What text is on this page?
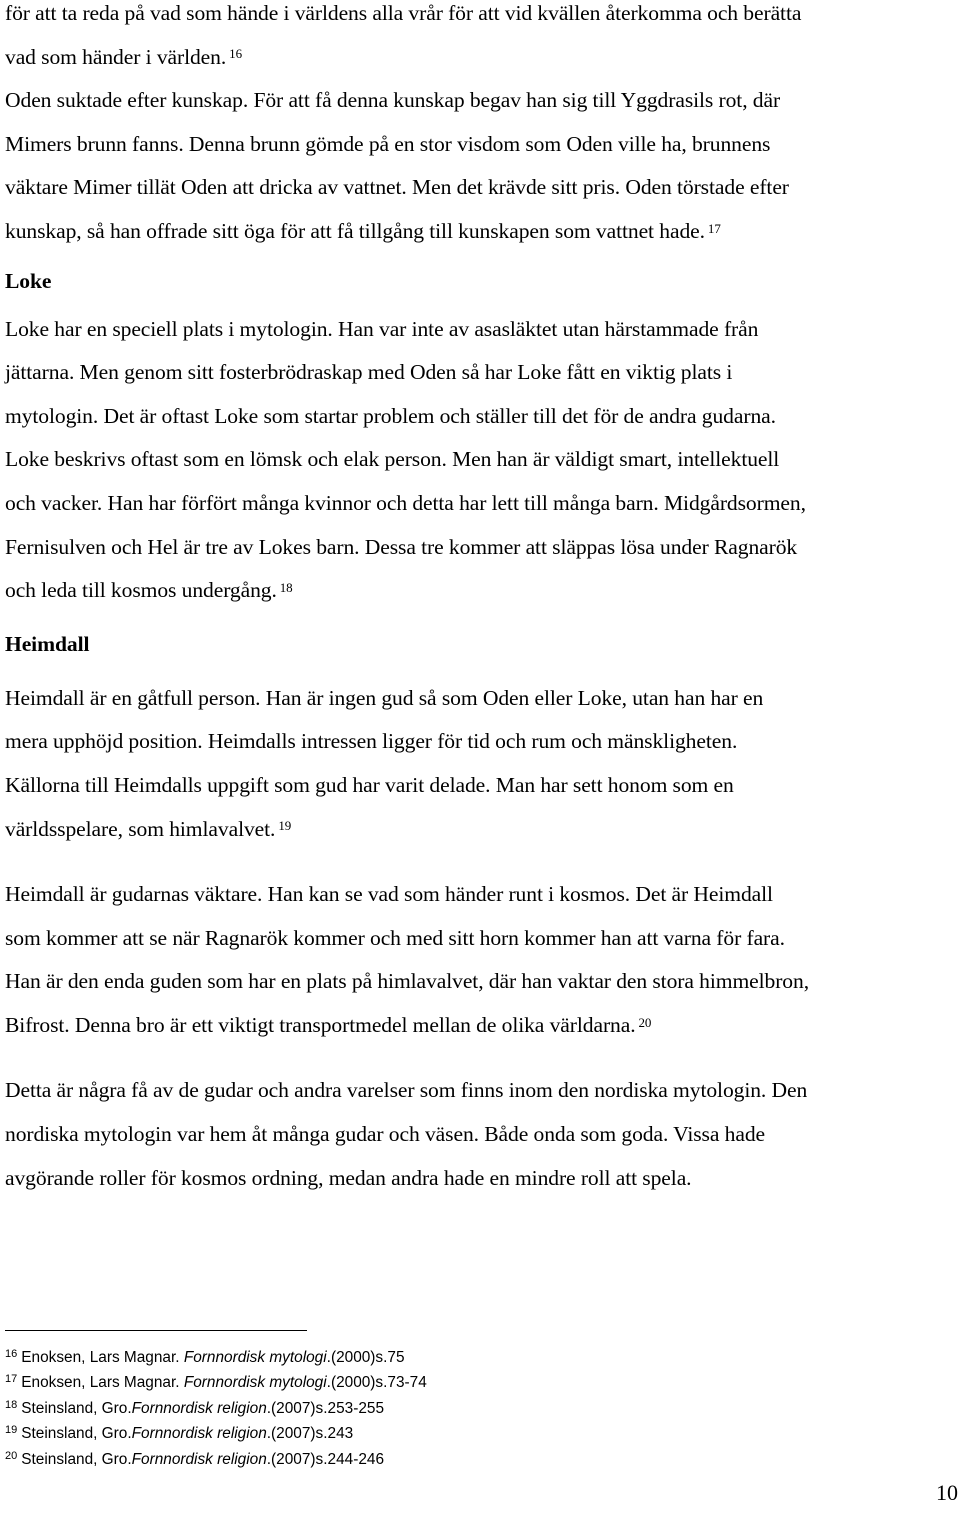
för att ta reda på vad som hände i världens alla vrår för att vid kvällen återkomma och berätta
vad som händer i världen. $^{16}$
Oden suktade efter kunskap. För att få denna kunskap begav han sig till Yggdrasils rot, där
Mimers brunn fanns. Denna brunn gömde på en stor visdom som Oden ville ha, brunnens
väktare Mimer tillät Oden att dricka av vattnet. Men det krävde sitt pris. Oden törstade efter
kunskap, så han offrade sitt öga för att få tillgång till kunskapen som vattnet hade. $^{17}$
Loke
Loke har en speciell plats i mytologin. Han var inte av asasläktet utan härstammade från
jättarna. Men genom sitt fosterbrödraskap med Oden så har Loke fått en viktig plats i
mytologin. Det är oftast Loke som startar problem och ställer till det för de andra gudarna.
Loke beskrivs oftast som en lömsk och elak person. Men han är väldigt smart, intellektuell
och vacker. Han har förfört många kvinnor och detta har lett till många barn. Midgårdsormen,
Fernisulven och Hel är tre av Lokes barn. Dessa tre kommer att släppas lösa under Ragnarök
och leda till kosmos undergång. $^{18}$
Heimdall
Heimdall är en gåtfull person. Han är ingen gud så som Oden eller Loke, utan han har en
mera upphöjd position. Heimdalls intressen ligger för tid och rum och mänskligheten.
Källorna till Heimdalls uppgift som gud har varit delade. Man har sett honom som en
världsspelare, som himlavalvet. $^{19}$
Heimdall är gudarnas väktare. Han kan se vad som händer runt i kosmos. Det är Heimdall
som kommer att se när Ragnarök kommer och med sitt horn kommer han att varna för fara.
Han är den enda guden som har en plats på himlavalvet, där han vaktar den stora himmelbron,
Bifrost. Denna bro är ett viktigt transportmedel mellan de olika världarna. $^{20}$
Detta är några få av de gudar och andra varelser som finns inom den nordiska mytologin. Den
nordiska mytologin var hem åt många gudar och väsen. Både onda som goda. Vissa hade
avgörande roller för kosmos ordning, medan andra hade en mindre roll att spela.
$^{16}$ Enoksen, Lars Magnar. Fornnordisk mytologi.(2000)s.75
$^{17}$ Enoksen, Lars Magnar. Fornnordisk mytologi.(2000)s.73-74
$^{18}$ Steinsland, Gro.Fornnordisk religion.(2007)s.253-255
$^{19}$ Steinsland, Gro.Fornnordisk religion.(2007)s.243
$^{20}$ Steinsland, Gro.Fornnordisk religion.(2007)s.244-246
10
